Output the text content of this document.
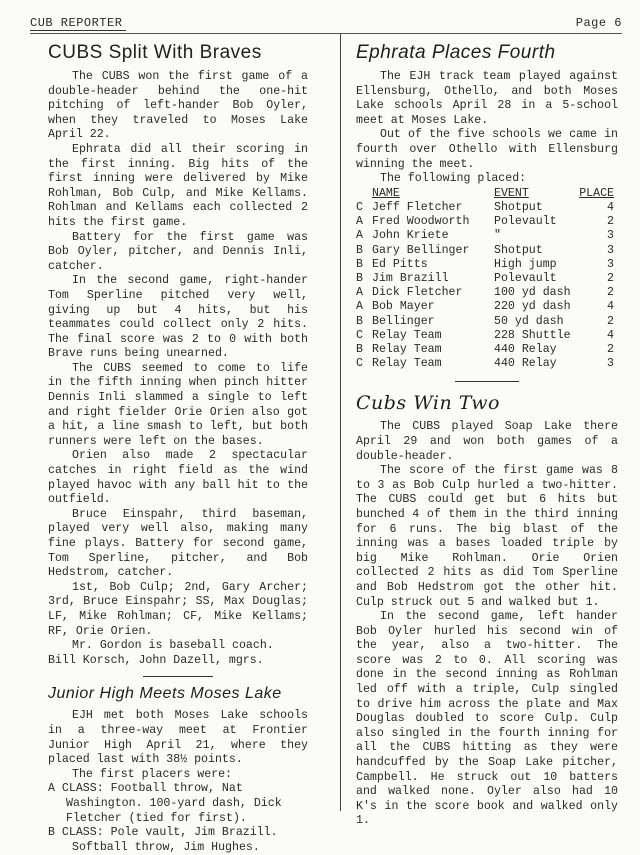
CUB REPORTER	Page 6
CUBS Split With Braves

The CUBS won the first game of a double-header behind the one-hit pitching of left-hander Bob Oyler, when they traveled to Moses Lake April 22.

Ephrata did all their scoring in the first inning. Big hits of the first inning were delivered by Mike Rohlman, Bob Culp, and Mike Kellams. Rohlman and Kellams each collected 2 hits the first game.

Battery for the first game was Bob Oyler, pitcher, and Dennis Inli, catcher.

In the second game, right-hander Tom Sperline pitched very well, giving up but 4 hits, but his teammates could collect only 2 hits. The final score was 2 to 0 with both Brave runs being unearned.

The CUBS seemed to come to life in the fifth inning when pinch hitter Dennis Inli slammed a single to left and right fielder Orie Orien also got a hit, a line smash to left, but both runners were left on the bases.

Orien also made 2 spectacular catches in right field as the wind played havoc with any ball hit to the outfield.

Bruce Einspahr, third baseman, played very well also, making many fine plays. Battery for second game, Tom Sperline, pitcher, and Bob Hedstrom, catcher.

1st, Bob Culp; 2nd, Gary Archer; 3rd, Bruce Einspahr; SS, Max Douglas; LF, Mike Rohlman; CF, Mike Kellams; RF, Orie Orien.

Mr. Gordon is baseball coach.

Bill Korsch, John Dazell, mgrs.

Junior High Meets Moses Lake

EJH met both Moses Lake schools in a three-way meet at Frontier Junior High April 21, where they placed last with 38½ points.

The first placers were:

A CLASS: Football throw, Nat Washington. 100-yard dash, Dick Fletcher (tied for first).

B CLASS: Pole vault, Jim Brazill.

Softball throw, Jim Hughes.

Ephrata Places Fourth

The EJH track team played against Ellensburg, Othello, and both Moses Lake schools April 28 in a 5-school meet at Moses Lake.

Out of the five schools we came in fourth over Othello with Ellensburg winning the meet.

The following placed:

	NAME	EVENT	PLACE
C	Jeff Fletcher	Shotput	4
A	Fred Woodworth	Polevault	2
A	John Kriete	"	3
B	Gary Bellinger	Shotput	3
B	Ed Pitts	High jump	3
B	Jim Brazill	Polevault	2
A	Dick Fletcher	100 yd dash	2
A	Bob Mayer	220 yd dash	4
B	Bellinger	50 yd dash	2
C	Relay Team	228 Shuttle	4
B	Relay Team	440 Relay	2
C	Relay Team	440 Relay	3
Cubs Win Two

The CUBS played Soap Lake there April 29 and won both games of a double-header.

The score of the first game was 8 to 3 as Bob Culp hurled a two-hitter. The CUBS could get but 6 hits but bunched 4 of them in the third inning for 6 runs. The big blast of the inning was a bases loaded triple by big Mike Rohlman. Orie Orien collected 2 hits as did Tom Sperline and Bob Hedstrom got the other hit. Culp struck out 5 and walked but 1.

In the second game, left hander Bob Oyler hurled his second win of the year, also a two-hitter. The score was 2 to 0. All scoring was done in the second inning as Rohlman led off with a triple, Culp singled to drive him across the plate and Max Douglas doubled to score Culp. Culp also singled in the fourth inning for all the CUBS hitting as they were handcuffed by the Soap Lake pitcher, Campbell. He struck out 10 batters and walked none. Oyler also had 10 K's in the score book and walked only 1.
